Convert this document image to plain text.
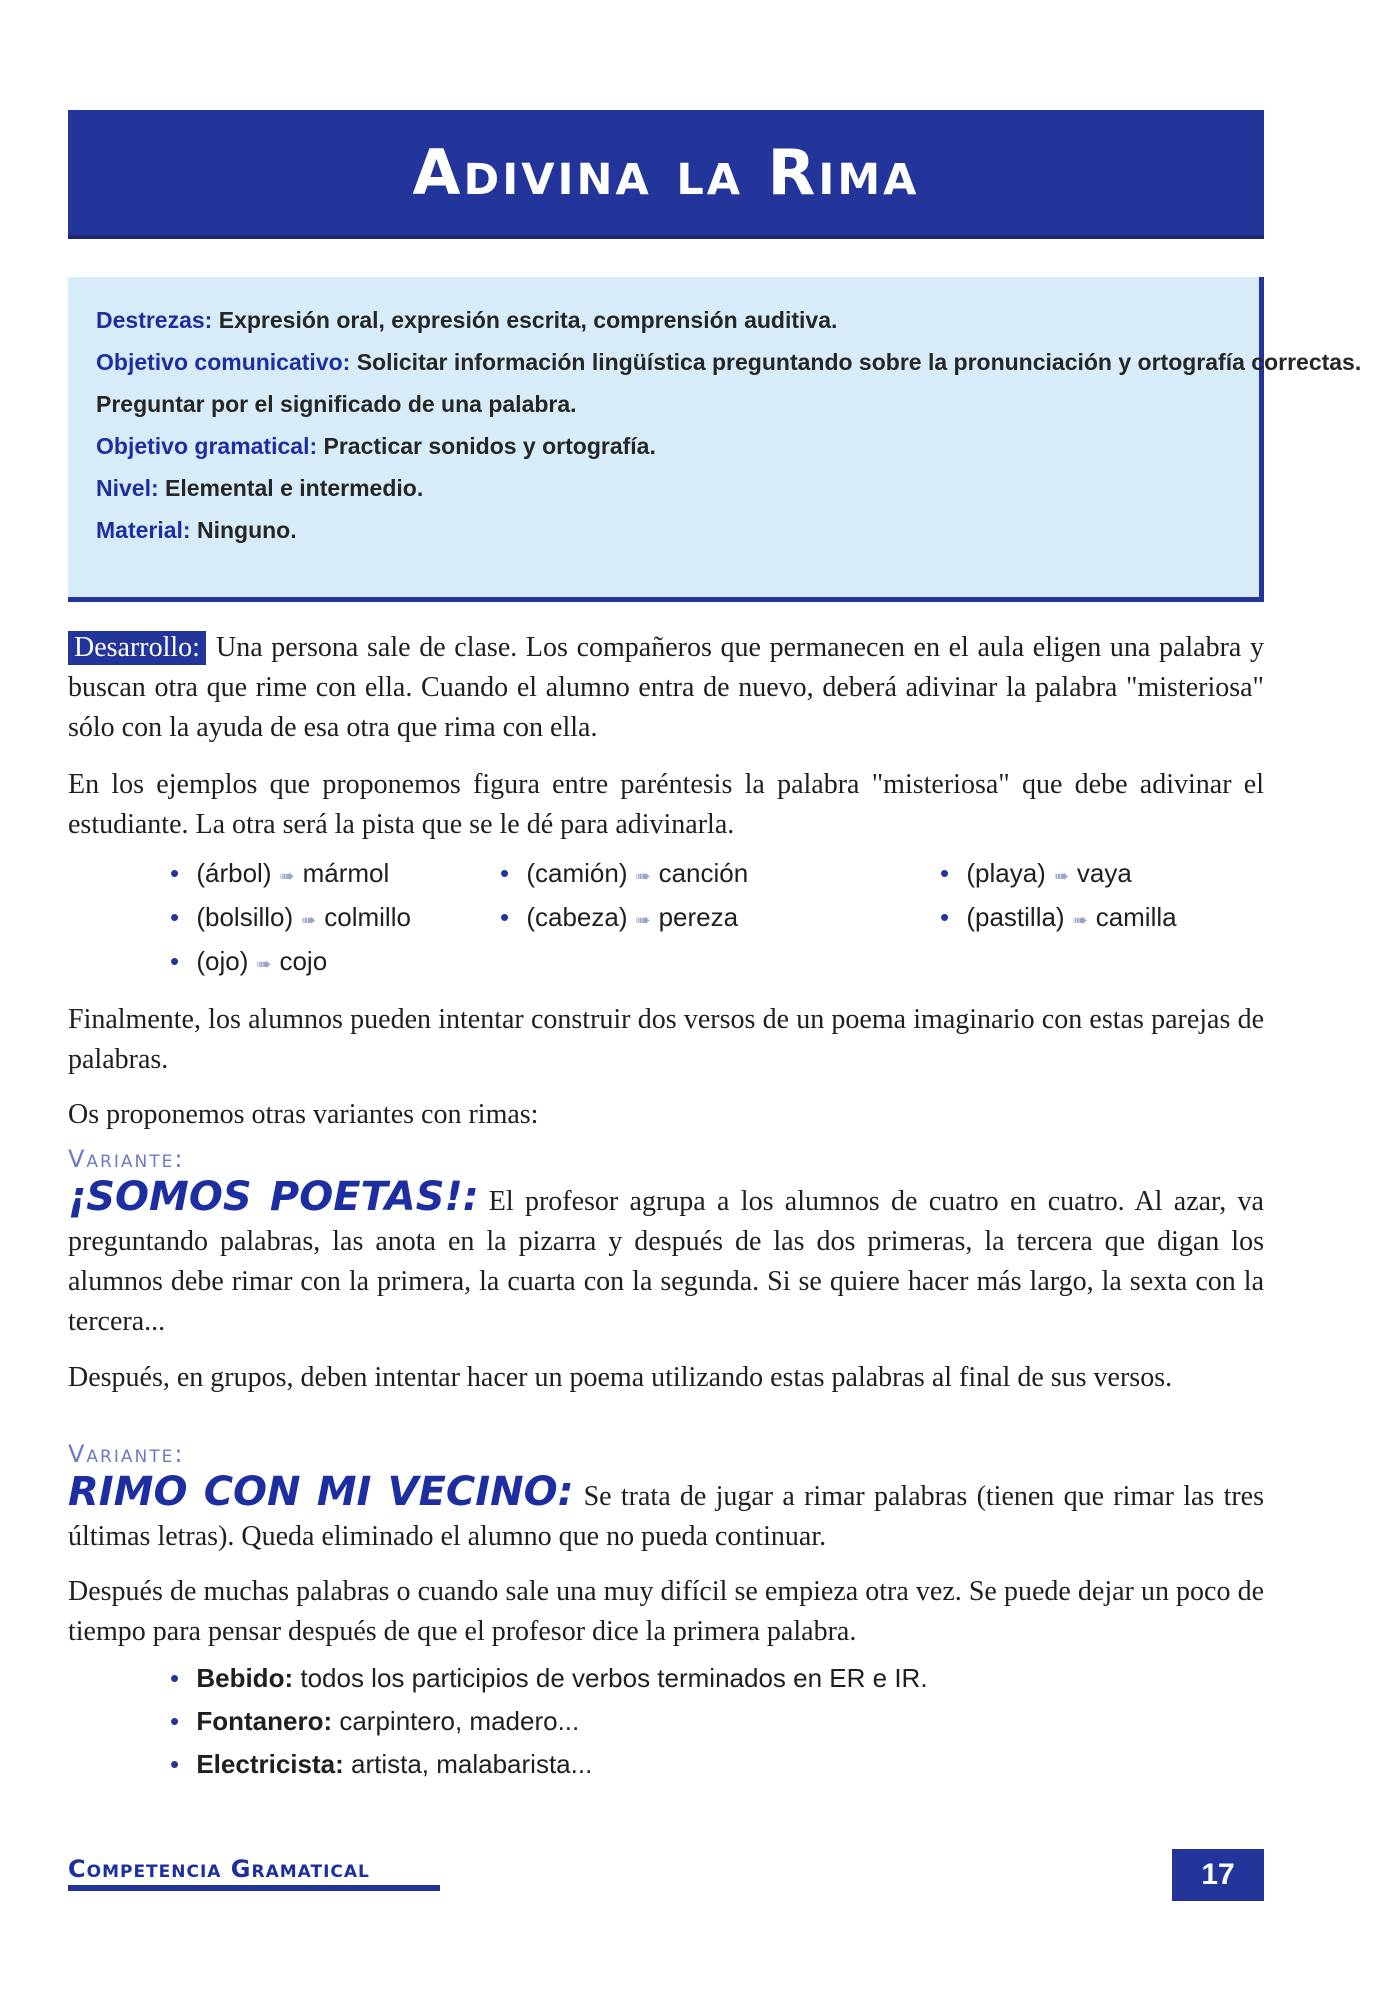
Adivina la Rima
Destrezas: Expresión oral, expresión escrita, comprensión auditiva.
Objetivo comunicativo: Solicitar información lingüística preguntando sobre la pronunciación y ortografía correctas.
Preguntar por el significado de una palabra.
Objetivo gramatical: Practicar sonidos y ortografía.
Nivel: Elemental e intermedio.
Material: Ninguno.
Desarrollo: Una persona sale de clase. Los compañeros que permanecen en el aula eligen una palabra y buscan otra que rime con ella. Cuando el alumno entra de nuevo, deberá adivinar la palabra "misteriosa" sólo con la ayuda de esa otra que rima con ella.
En los ejemplos que proponemos figura entre paréntesis la palabra "misteriosa" que debe adivinar el estudiante. La otra será la pista que se le dé para adivinarla.
• (árbol) ➠ mármol	• (camión) ➠ canción	• (playa) ➠ vaya
• (bolsillo) ➠ colmillo	• (cabeza) ➠ pereza	• (pastilla) ➠ camilla
• (ojo) ➠ cojo
Finalmente, los alumnos pueden intentar construir dos versos de un poema imaginario con estas parejas de palabras.
Os proponemos otras variantes con rimas:
Variante:
¡SOMOS POETAS!: El profesor agrupa a los alumnos de cuatro en cuatro. Al azar, va preguntando palabras, las anota en la pizarra y después de las dos primeras, la tercera que digan los alumnos debe rimar con la primera, la cuarta con la segunda. Si se quiere hacer más largo, la sexta con la tercera...
Después, en grupos, deben intentar hacer un poema utilizando estas palabras al final de sus versos.
Variante:
RIMO CON MI VECINO: Se trata de jugar a rimar palabras (tienen que rimar las tres últimas letras). Queda eliminado el alumno que no pueda continuar.
Después de muchas palabras o cuando sale una muy difícil se empieza otra vez. Se puede dejar un poco de tiempo para pensar después de que el profesor dice la primera palabra.
• Bebido: todos los participios de verbos terminados en ER e IR.
• Fontanero: carpintero, madero...
• Electricista: artista, malabarista...
Competencia Gramatical	17
